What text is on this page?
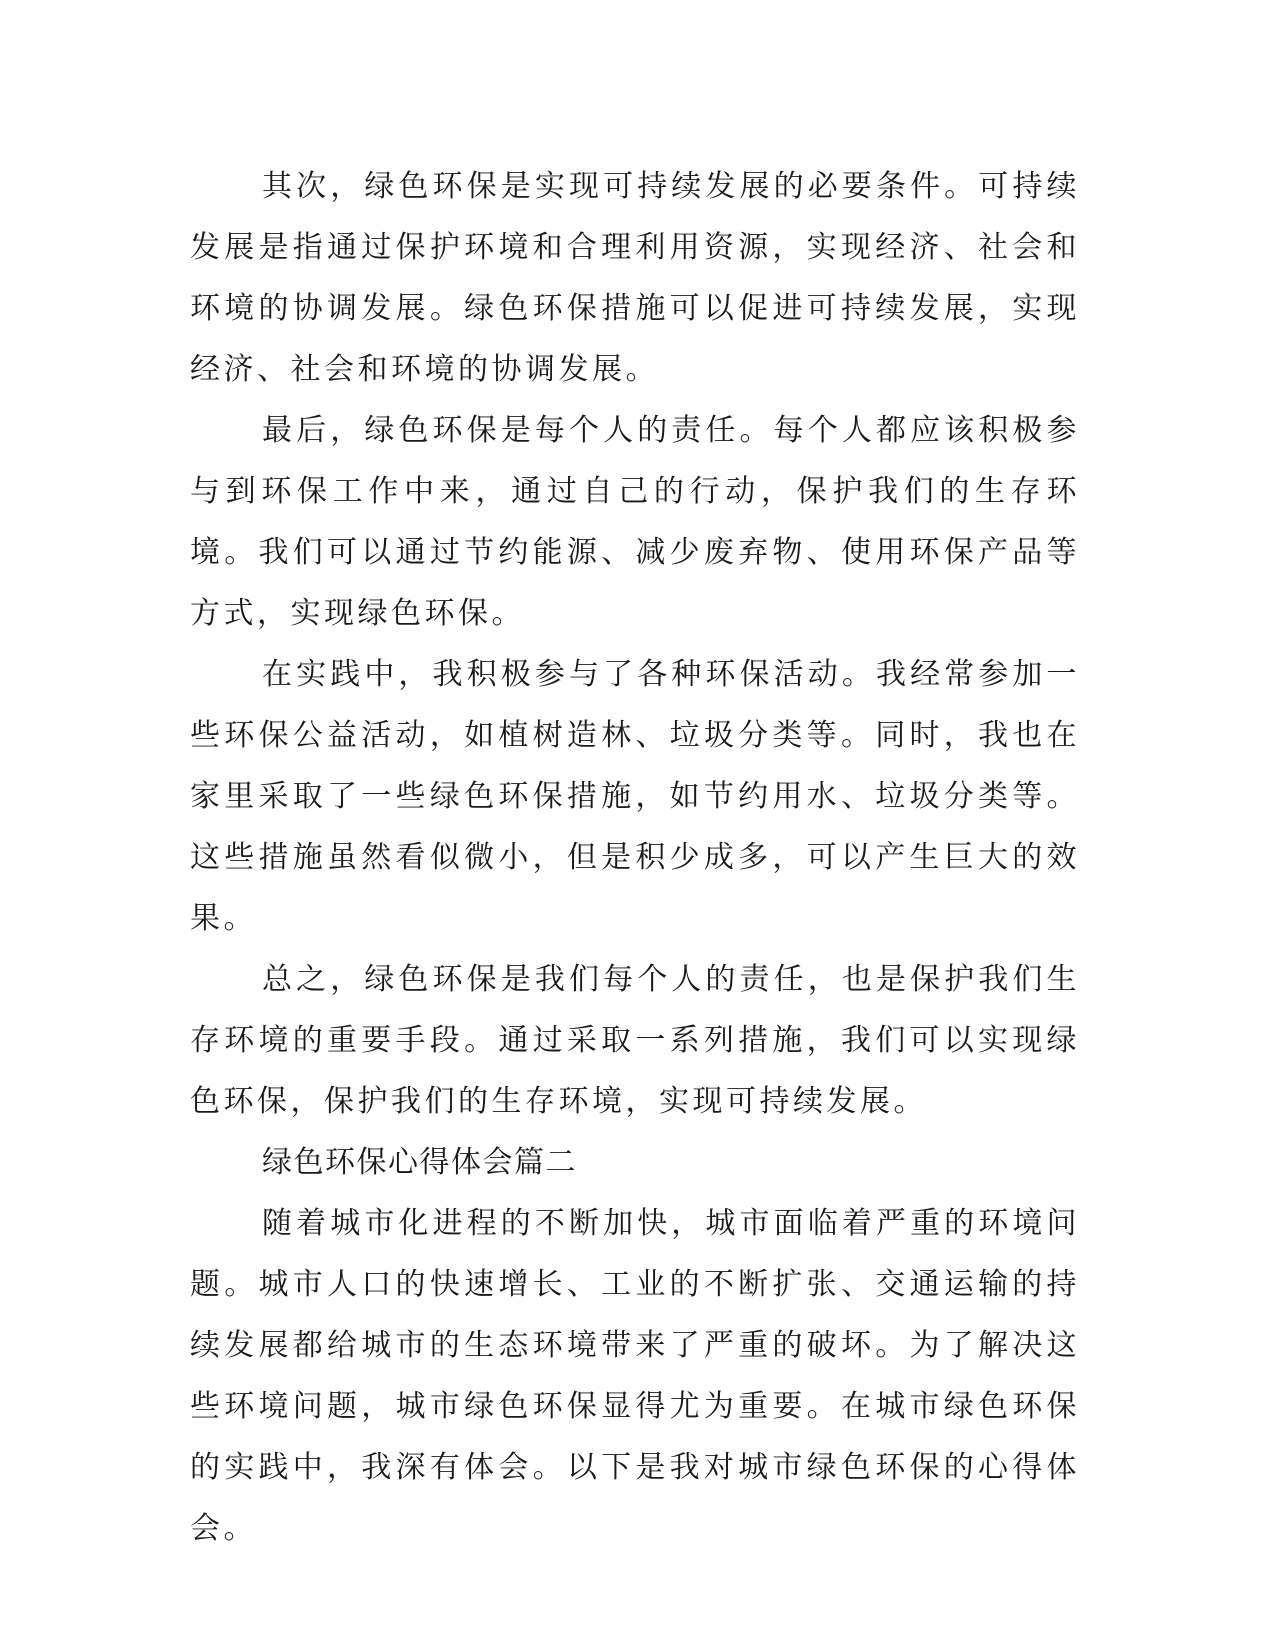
其次，绿色环保是实现可持续发展的必要条件。可持续发展是指通过保护环境和合理利用资源，实现经济、社会和环境的协调发展。绿色环保措施可以促进可持续发展，实现经济、社会和环境的协调发展。

最后，绿色环保是每个人的责任。每个人都应该积极参与到环保工作中来，通过自己的行动，保护我们的生存环境。我们可以通过节约能源、减少废弃物、使用环保产品等方式，实现绿色环保。

在实践中，我积极参与了各种环保活动。我经常参加一些环保公益活动，如植树造林、垃圾分类等。同时，我也在家里采取了一些绿色环保措施，如节约用水、垃圾分类等。这些措施虽然看似微小，但是积少成多，可以产生巨大的效果。

总之，绿色环保是我们每个人的责任，也是保护我们生存环境的重要手段。通过采取一系列措施，我们可以实现绿色环保，保护我们的生存环境，实现可持续发展。

绿色环保心得体会篇二

随着城市化进程的不断加快，城市面临着严重的环境问题。城市人口的快速增长、工业的不断扩张、交通运输的持续发展都给城市的生态环境带来了严重的破坏。为了解决这些环境问题，城市绿色环保显得尤为重要。在城市绿色环保的实践中，我深有体会。以下是我对城市绿色环保的心得体会。
